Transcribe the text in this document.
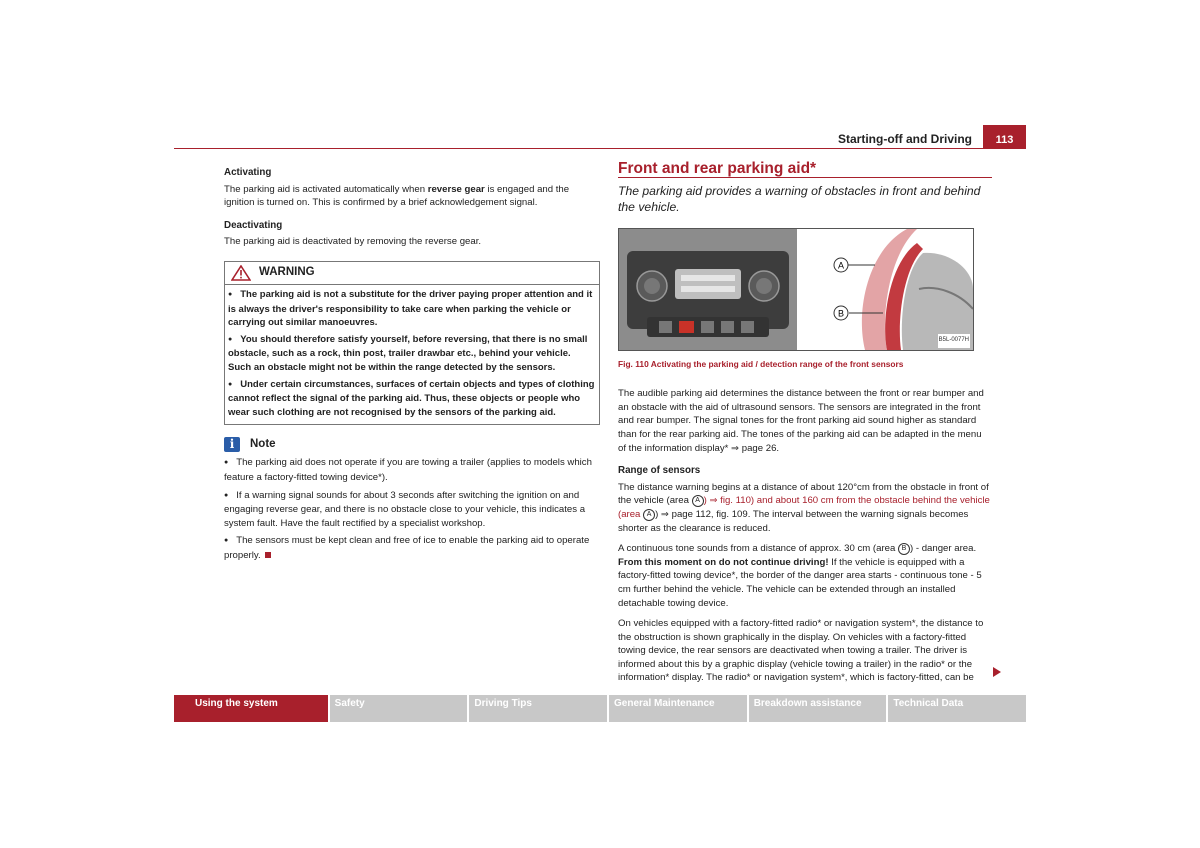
Starting-off and Driving	113
Activating

The parking aid is activated automatically when reverse gear is engaged and the ignition is turned on. This is confirmed by a brief acknowledgement signal.

Deactivating

The parking aid is deactivated by removing the reverse gear.

WARNING

● The parking aid is not a substitute for the driver paying proper attention and it is always the driver's responsibility to take care when parking the vehicle or carrying out similar manoeuvres.

● You should therefore satisfy yourself, before reversing, that there is no small obstacle, such as a rock, thin post, trailer drawbar etc., behind your vehicle. Such an obstacle might not be within the range detected by the sensors.

● Under certain circumstances, surfaces of certain objects and types of clothing cannot reflect the signal of the parking aid. Thus, these objects or people who wear such clothing are not recognised by the sensors of the parking aid.

i	Note

● The parking aid does not operate if you are towing a trailer (applies to models which feature a factory-fitted towing device*).

● If a warning signal sounds for about 3 seconds after switching the ignition on and engaging reverse gear, and there is no obstacle close to your vehicle, this indicates a system fault. Have the fault rectified by a specialist workshop.

● The sensors must be kept clean and free of ice to enable the parking aid to operate properly.

Front and rear parking aid*
The parking aid provides a warning of obstacles in front and behind the vehicle.
A
B
B5L-0077H
Fig. 110 Activating the parking aid / detection range of the front sensors

The audible parking aid determines the distance between the front or rear bumper and an obstacle with the aid of ultrasound sensors. The sensors are integrated in the front and rear bumper. The signal tones for the front parking aid sound higher as standard than for the rear parking aid. The tones of the parking aid can be adapted in the menu of the information display* ⇒ page 26.

Range of sensors

The distance warning begins at a distance of about 120°cm from the obstacle in front of the vehicle (area A ) ⇒ fig. 110) and about 160 cm from the obstacle behind the vehicle (area A ) ⇒ page 112, fig. 109. The interval between the warning signals becomes shorter as the clearance is reduced.

A continuous tone sounds from a distance of approx. 30 cm (area B ) - danger area. From this moment on do not continue driving! If the vehicle is equipped with a factory-fitted towing device*, the border of the danger area starts - continuous tone - 5 cm further behind the vehicle. The vehicle can be extended through an installed detachable towing device.

On vehicles equipped with a factory-fitted radio* or navigation system*, the distance to the obstruction is shown graphically in the display. On vehicles with a factory-fitted towing device, the rear sensors are deactivated when towing a trailer. The driver is informed about this by a graphic display (vehicle towing a trailer) in the radio* or the information* display. The radio* or navigation system*, which is factory-fitted, can be

Using the system	Safety	Driving Tips	General Maintenance	Breakdown assistance	Technical Data
